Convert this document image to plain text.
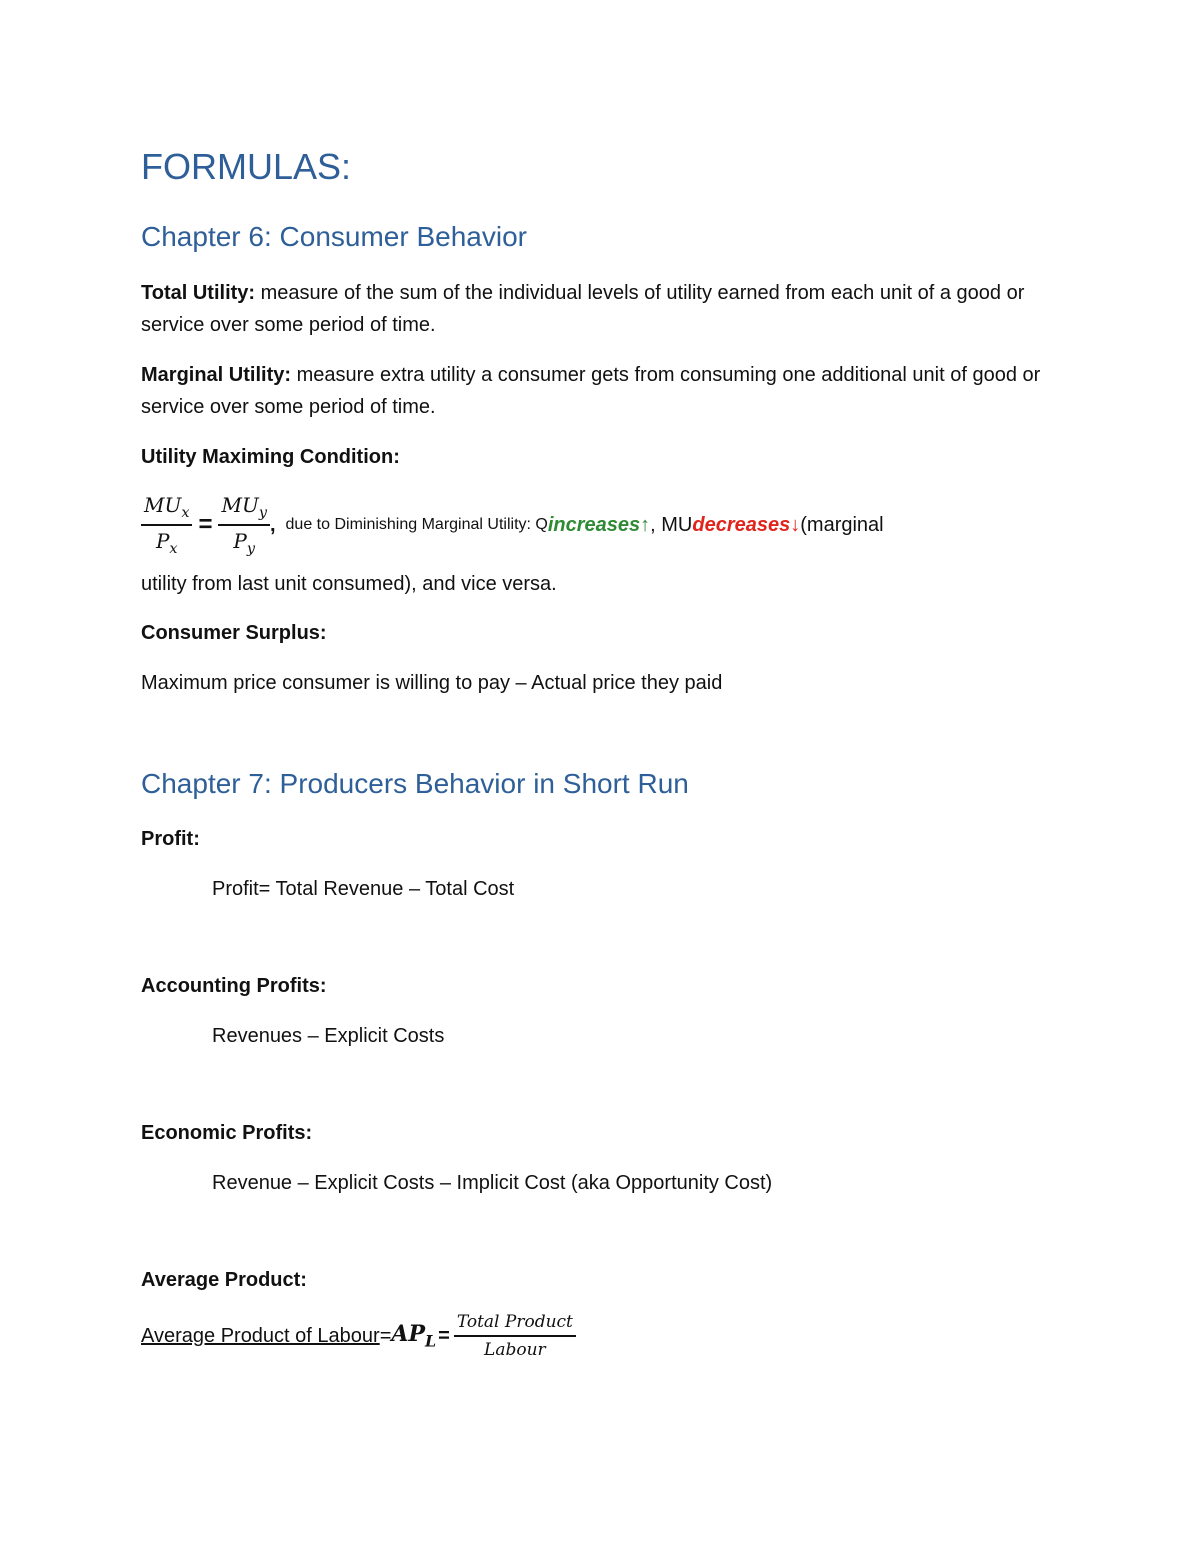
FORMULAS:
Chapter 6: Consumer Behavior

Total Utility: measure of the sum of the individual levels of utility earned from each unit of a good or service over some period of time.

Marginal Utility: measure extra utility a consumer gets from consuming one additional unit of good or service over some period of time.

Utility Maximing Condition:

$\frac{MU_x}{P_x} = \frac{MU_y}{P_y}$ , due to Diminishing Marginal Utility: Q increases↑ , MU decreases↓ (marginal

utility from last unit consumed), and vice versa.

Consumer Surplus:

Maximum price consumer is willing to pay – Actual price they paid

Chapter 7: Producers Behavior in Short Run

Profit:

Profit= Total Revenue – Total Cost

Accounting Profits:

Revenues – Explicit Costs

Economic Profits:

Revenue – Explicit Costs – Implicit Cost (aka Opportunity Cost)

Average Product:

Average Product of Labour = $AP_L = \frac{\text{Total Product}}{\text{Labour}}$
